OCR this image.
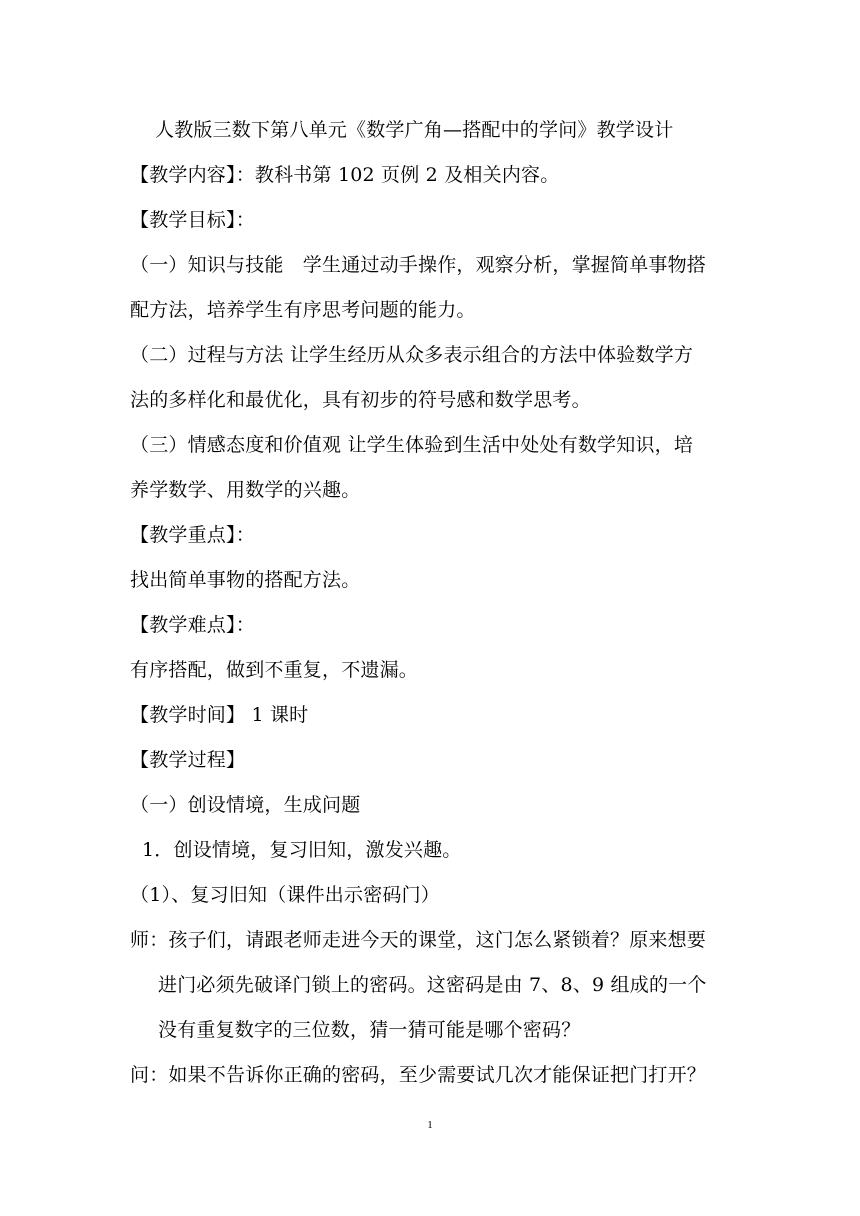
人教版三数下第八单元《数学广角—搭配中的学问》教学设计
【教学内容】：教科书第 102 页例 2 及相关内容。
【教学目标】：
（一）知识与技能　学生通过动手操作，观察分析，掌握简单事物搭
配方法，培养学生有序思考问题的能力。
（二）过程与方法 让学生经历从众多表示组合的方法中体验数学方
法的多样化和最优化，具有初步的符号感和数学思考。
（三）情感态度和价值观 让学生体验到生活中处处有数学知识，培
养学数学、用数学的兴趣。
【教学重点】：
找出简单事物的搭配方法。
【教学难点】：
有序搭配，做到不重复，不遗漏。
【教学时间】 1 课时
【教学过程】
（一）创设情境，生成问题
1．创设情境，复习旧知，激发兴趣。
（1）、复习旧知（课件出示密码门）
师：孩子们，请跟老师走进今天的课堂，这门怎么紧锁着？原来想要
进门必须先破译门锁上的密码。这密码是由 7、8、9 组成的一个
没有重复数字的三位数，猜一猜可能是哪个密码？
问：如果不告诉你正确的密码，至少需要试几次才能保证把门打开？
1
